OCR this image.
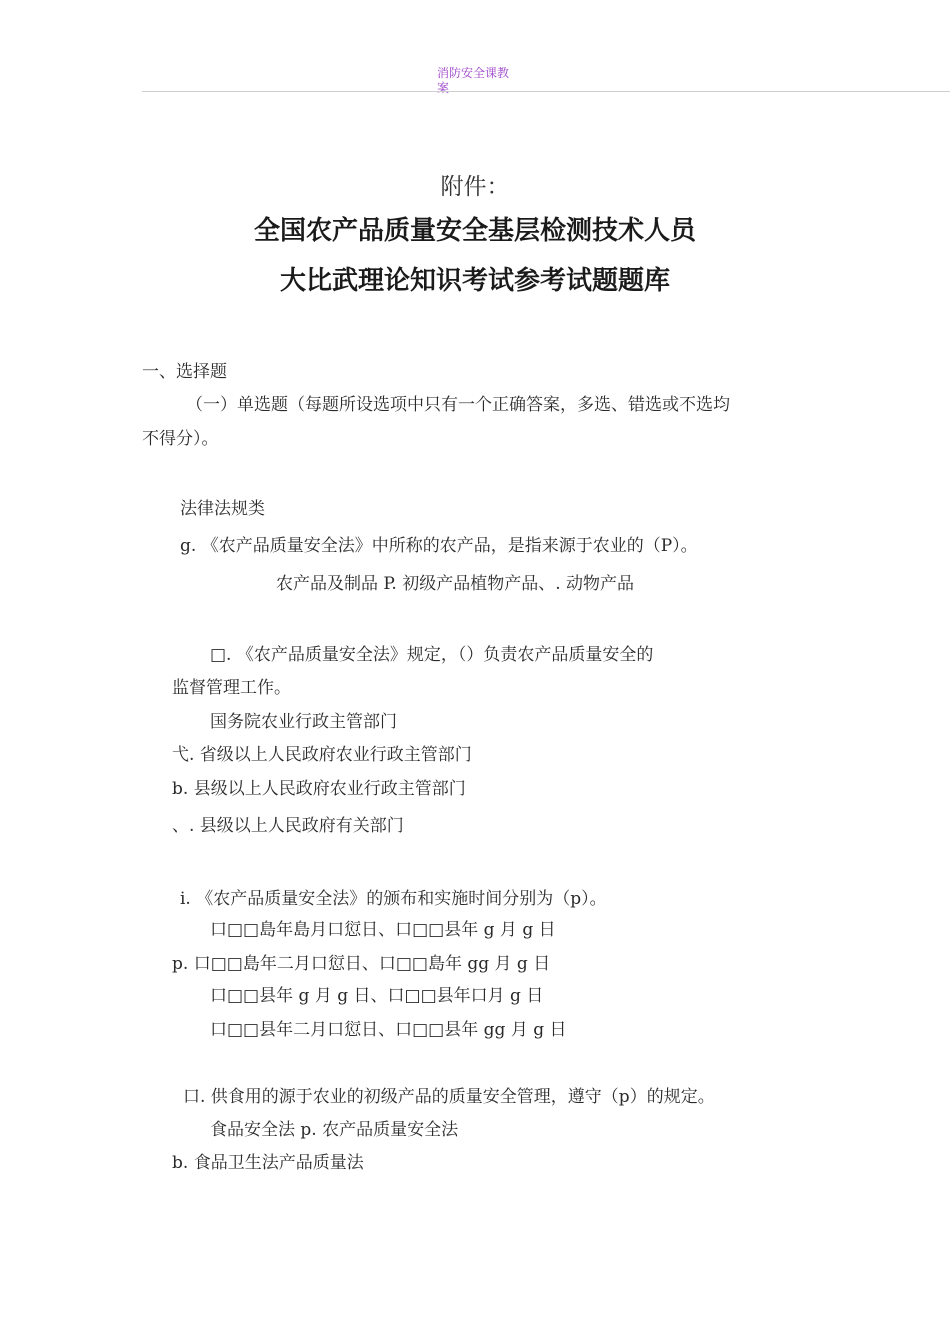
消防安全课教案
附件：
全国农产品质量安全基层检测技术人员
大比武理论知识考试参考试题题库
一、选择题
（一）单选题（每题所设选项中只有一个正确答案，多选、错选或不选均
不得分）。
法律法规类
g. 《农产品质量安全法》中所称的农产品，是指来源于农业的（P）。
农产品及制品 P. 初级产品植物产品、. 动物产品
□. 《农产品质量安全法》规定，（）负责农产品质量安全的
监督管理工作。
国务院农业行政主管部门
弋. 省级以上人民政府农业行政主管部门
b. 县级以上人民政府农业行政主管部门
、. 县级以上人民政府有关部门
i. 《农产品质量安全法》的颁布和实施时间分别为（p）。
口□□島年島月口愆日、口□□县年 g 月 g 日
p. 口□□島年二月口愆日、口□□島年 gg 月 g 日
口□□县年 g 月 g 日、口□□县年口月 g 日
口□□县年二月口愆日、口□□县年 gg 月 g 日
口. 供食用的源于农业的初级产品的质量安全管理，遵守（p）的规定。
食品安全法 p. 农产品质量安全法
b. 食品卫生法产品质量法
